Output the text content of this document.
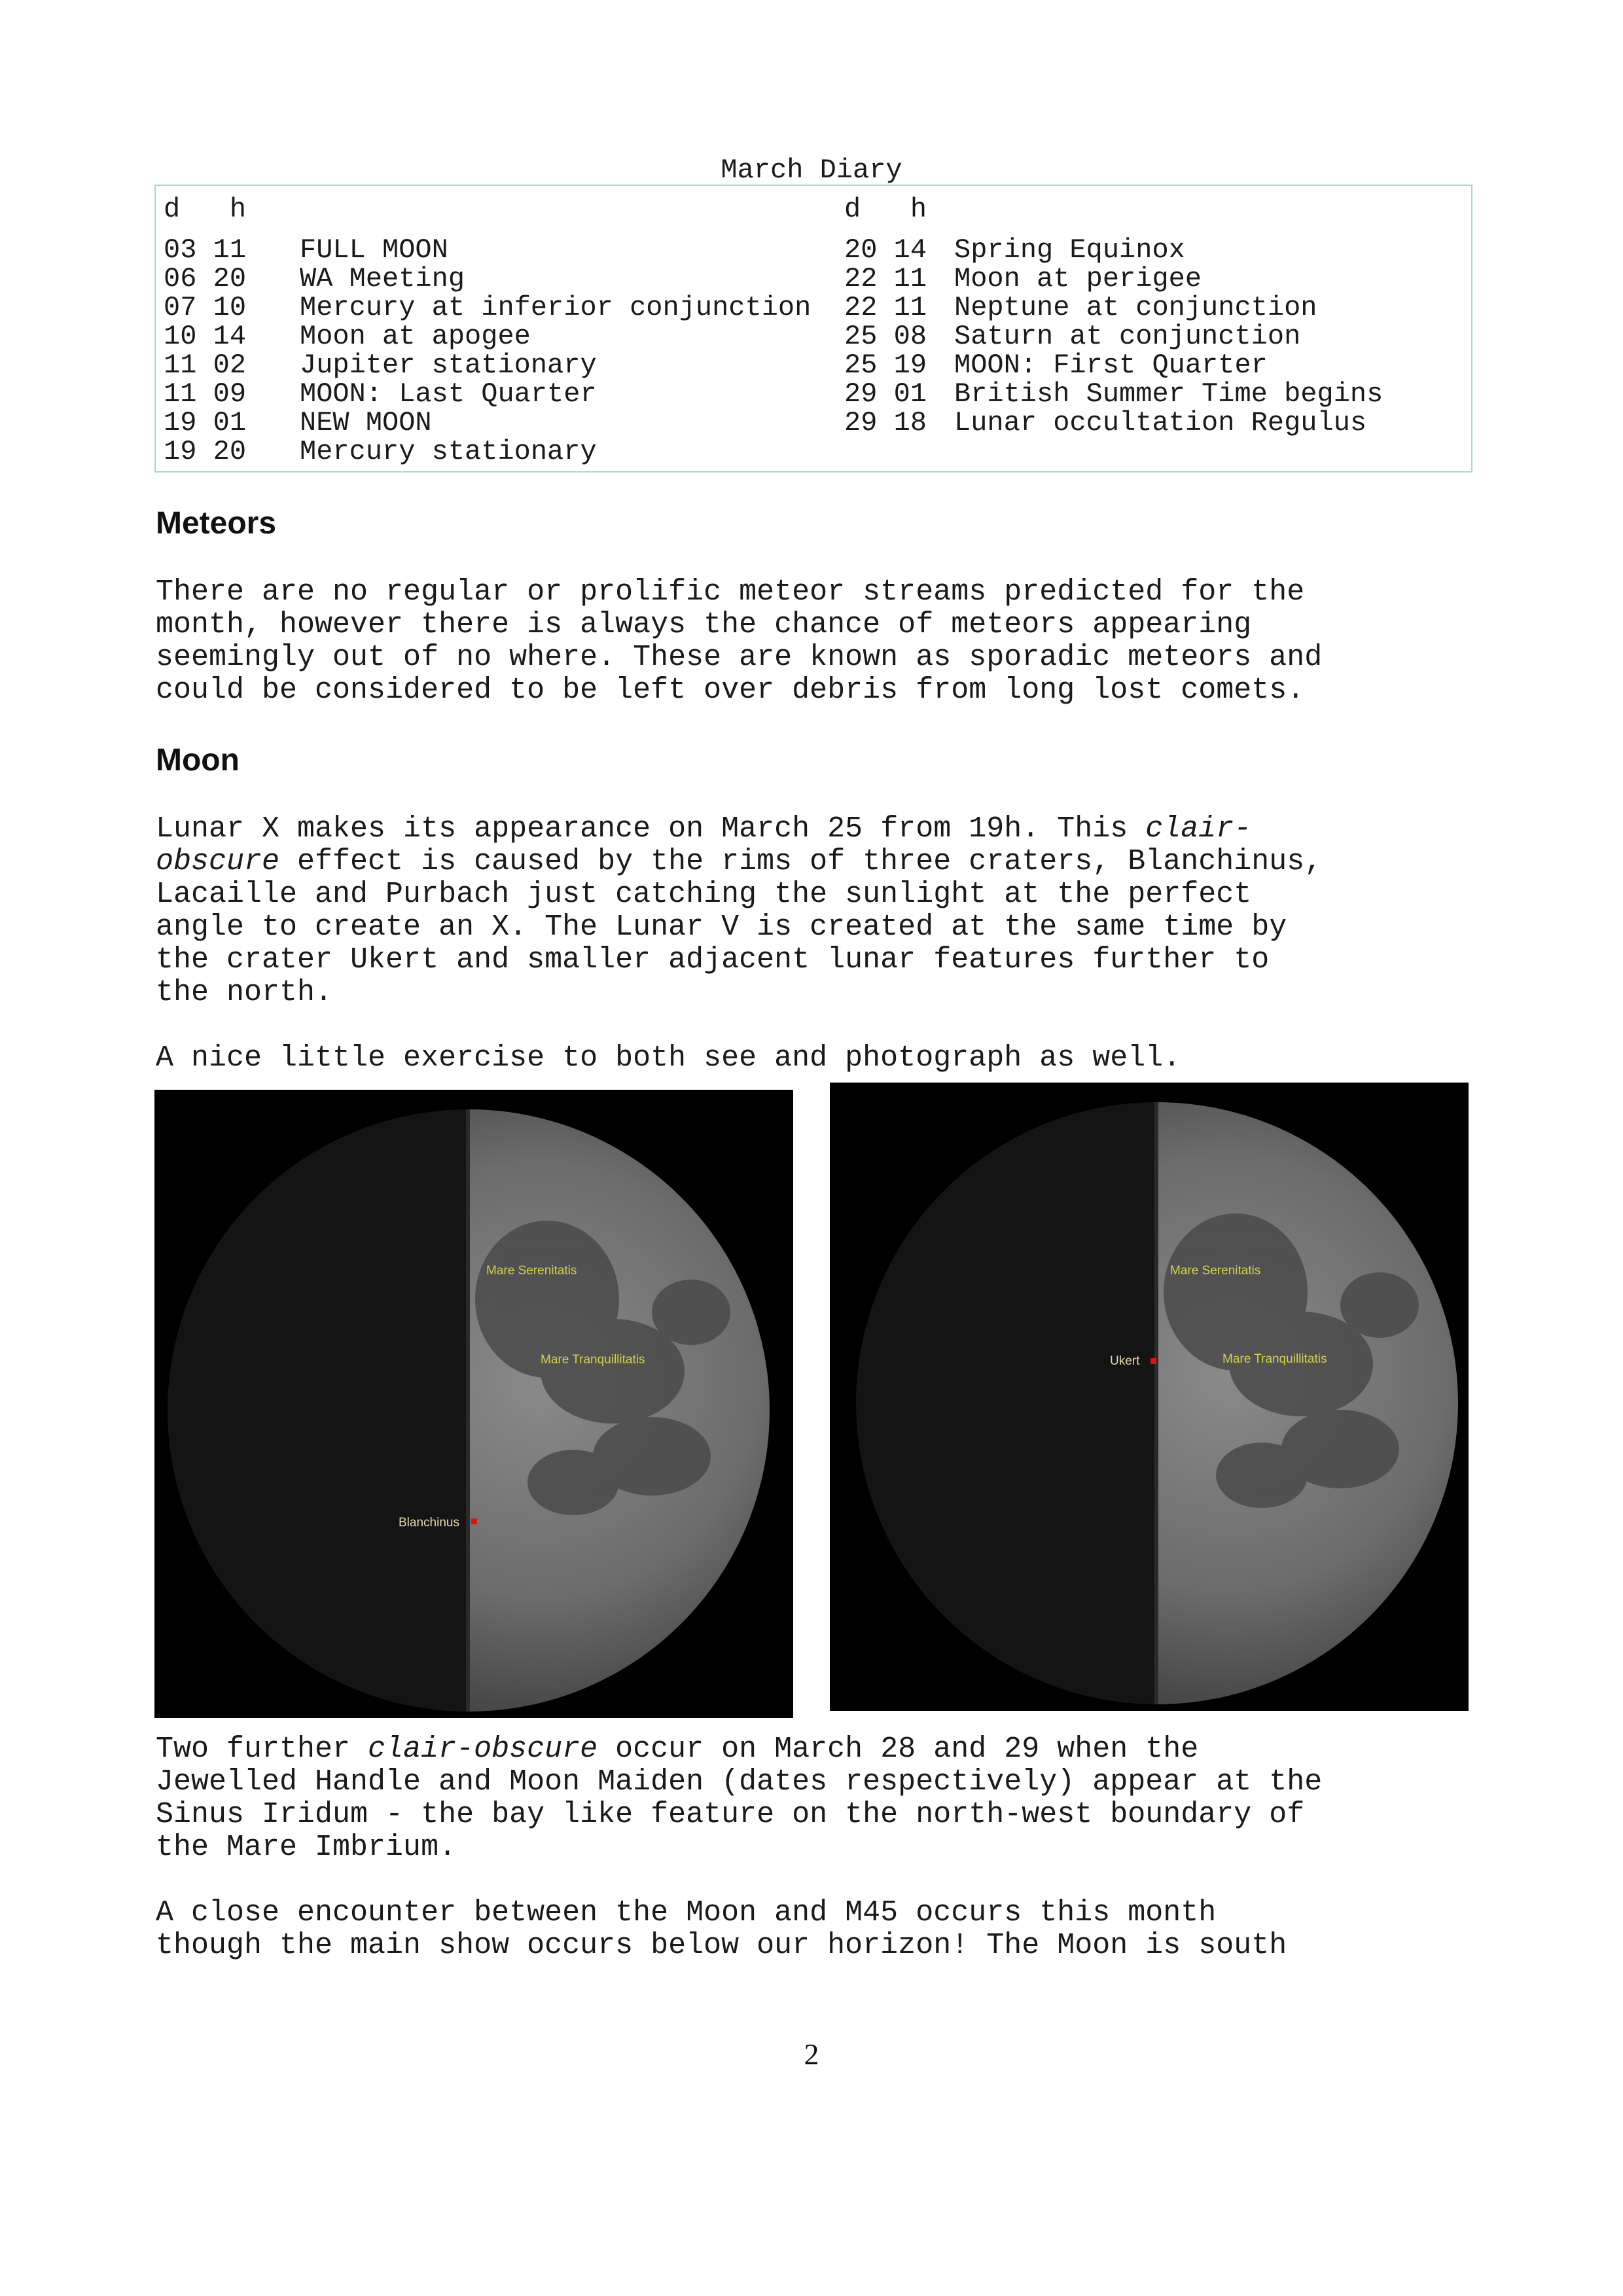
March Diary
d   h	d   h
03 11 FULL MOON
06 20 WA Meeting
07 10 Mercury at inferior conjunction
10 14 Moon at apogee
11 02 Jupiter stationary
11 09 MOON: Last Quarter
19 01 NEW MOON
19 20 Mercury stationary
20 14 Spring Equinox
22 11 Moon at perigee
22 11 Neptune at conjunction
25 08 Saturn at conjunction
25 19 MOON: First Quarter
29 01 British Summer Time begins
29 18 Lunar occultation Regulus
Meteors
There are no regular or prolific meteor streams predicted for the
month, however there is always the chance of meteors appearing
seemingly out of no where. These are known as sporadic meteors and
could be considered to be left over debris from long lost comets.
Moon
Lunar X makes its appearance on March 25 from 19h. This clair-
obscure effect is caused by the rims of three craters, Blanchinus,
Lacaille and Purbach just catching the sunlight at the perfect
angle to create an X. The Lunar V is created at the same time by
the crater Ukert and smaller adjacent lunar features further to
the north.
A nice little exercise to both see and photograph as well.
Mare Serenitatis
Mare Tranquillitatis
Blanchinus
Mare Serenitatis
Mare Tranquillitatis
Ukert
Two further clair-obscure occur on March 28 and 29 when the
Jewelled Handle and Moon Maiden (dates respectively) appear at the
Sinus Iridum - the bay like feature on the north-west boundary of
the Mare Imbrium.
A close encounter between the Moon and M45 occurs this month
though the main show occurs below our horizon! The Moon is south
2
